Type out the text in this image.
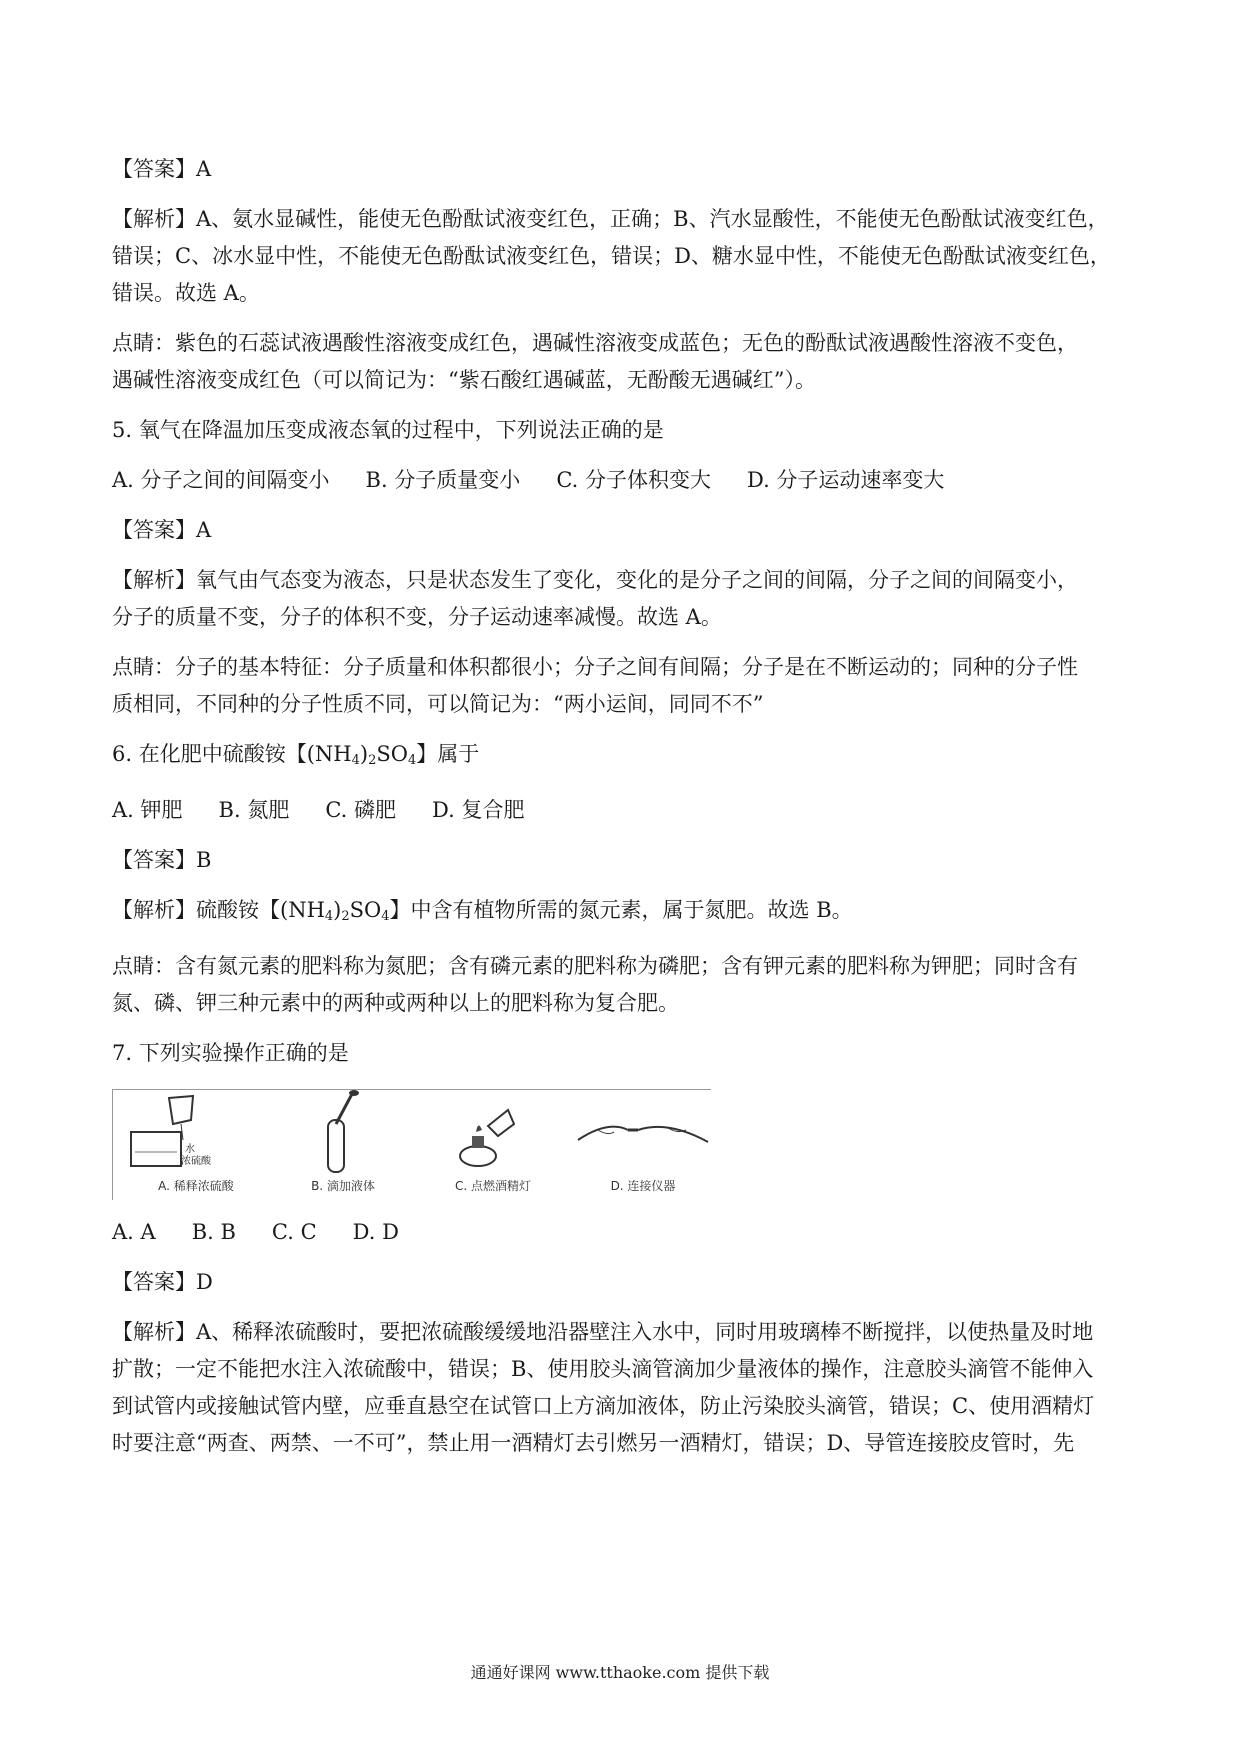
【答案】A
【解析】A、氨水显碱性，能使无色酚酞试液变红色，正确；B、汽水显酸性，不能使无色酚酞试液变红色，
错误；C、冰水显中性，不能使无色酚酞试液变红色，错误；D、糖水显中性，不能使无色酚酞试液变红色，
错误。故选 A。
点睛：紫色的石蕊试液遇酸性溶液变成红色，遇碱性溶液变成蓝色；无色的酚酞试液遇酸性溶液不变色，
遇碱性溶液变成红色（可以简记为：“紫石酸红遇碱蓝，无酚酸无遇碱红”）。
5. 氧气在降温加压变成液态氧的过程中，下列说法正确的是
A. 分子之间的间隔变小 B. 分子质量变小 C. 分子体积变大 D. 分子运动速率变大
【答案】A
【解析】氧气由气态变为液态，只是状态发生了变化，变化的是分子之间的间隔，分子之间的间隔变小，
分子的质量不变，分子的体积不变，分子运动速率减慢。故选 A。
点睛：分子的基本特征：分子质量和体积都很小；分子之间有间隔；分子是在不断运动的；同种的分子性
质相同，不同种的分子性质不同，可以简记为：“两小运间，同同不不”
6. 在化肥中硫酸铵【$(NH_4)_2SO_4$】属于
A. 钾肥 B. 氮肥 C. 磷肥 D. 复合肥
【答案】B
【解析】硫酸铵【$(NH_4)_2SO_4$】中含有植物所需的氮元素，属于氮肥。故选 B。
点睛：含有氮元素的肥料称为氮肥；含有磷元素的肥料称为磷肥；含有钾元素的肥料称为钾肥；同时含有
氮、磷、钾三种元素中的两种或两种以上的肥料称为复合肥。
7. 下列实验操作正确的是
水
浓硫酸
A. 稀释浓硫酸	B. 滴加液体	C. 点燃酒精灯	D. 连接仪器
A. A B. B C. C D. D
【答案】D
【解析】A、稀释浓硫酸时，要把浓硫酸缓缓地沿器壁注入水中，同时用玻璃棒不断搅拌，以使热量及时地
扩散；一定不能把水注入浓硫酸中，错误；B、使用胶头滴管滴加少量液体的操作，注意胶头滴管不能伸入
到试管内或接触试管内壁，应垂直悬空在试管口上方滴加液体，防止污染胶头滴管，错误；C、使用酒精灯
时要注意“两查、两禁、一不可”，禁止用一酒精灯去引燃另一酒精灯，错误；D、导管连接胶皮管时，先
通通好课网 www.tthaoke.com 提供下载
